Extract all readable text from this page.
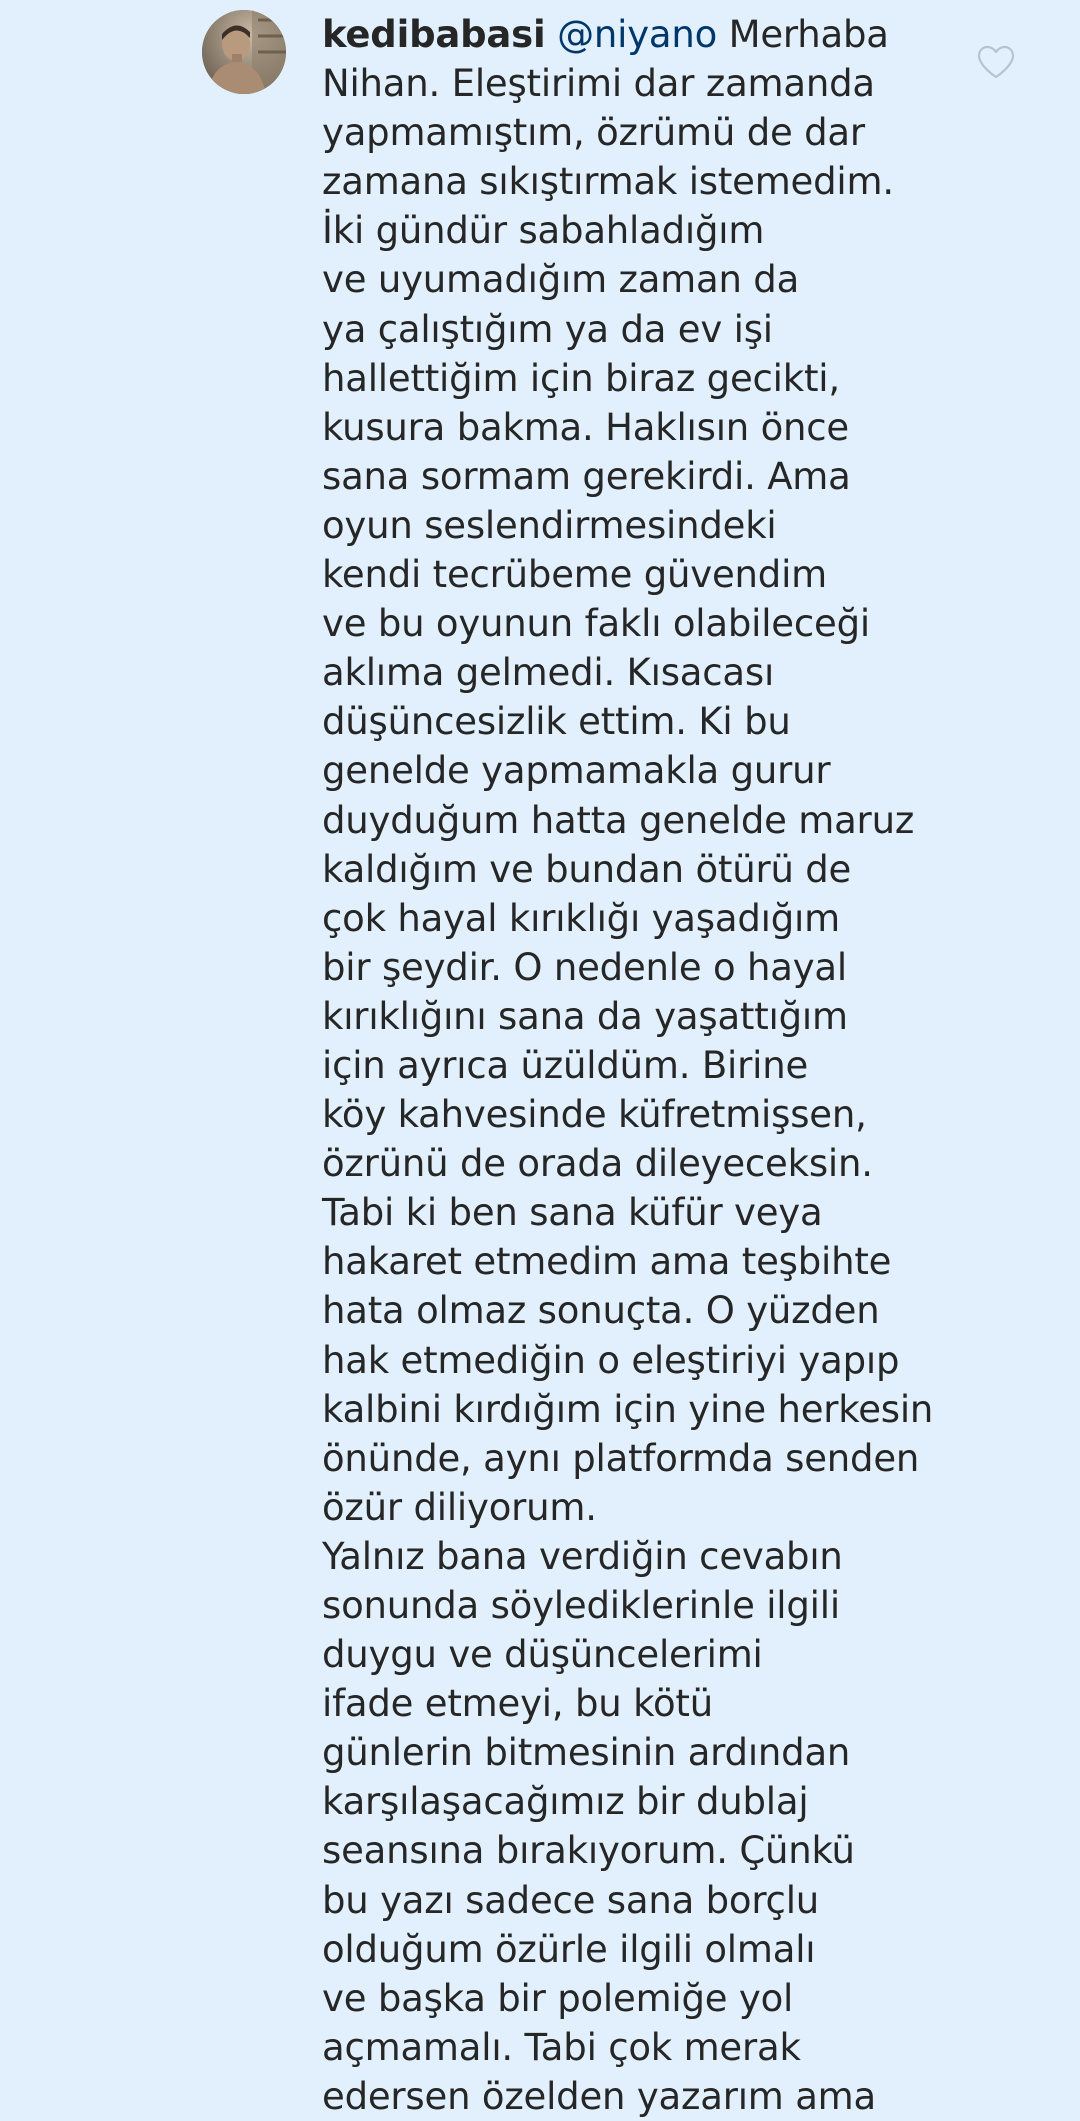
kedibabasi @niyano Merhaba
Nihan. Eleştirimi dar zamanda
yapmamıştım, özrümü de dar
zamana sıkıştırmak istemedim.
İki gündür sabahladığım
ve uyumadığım zaman da
ya çalıştığım ya da ev işi
hallettiğim için biraz gecikti,
kusura bakma. Haklısın önce
sana sormam gerekirdi. Ama
oyun seslendirmesindeki
kendi tecrübeme güvendim
ve bu oyunun faklı olabileceği
aklıma gelmedi. Kısacası
düşüncesizlik ettim. Ki bu
genelde yapmamakla gurur
duyduğum hatta genelde maruz
kaldığım ve bundan ötürü de
çok hayal kırıklığı yaşadığım
bir şeydir. O nedenle o hayal
kırıklığını sana da yaşattığım
için ayrıca üzüldüm. Birine
köy kahvesinde küfretmişsen,
özrünü de orada dileyeceksin.
Tabi ki ben sana küfür veya
hakaret etmedim ama teşbihte
hata olmaz sonuçta. O yüzden
hak etmediğin o eleştiriyi yapıp
kalbini kırdığım için yine herkesin
önünde, aynı platformda senden
özür diliyorum.
Yalnız bana verdiğin cevabın
sonunda söylediklerinle ilgili
duygu ve düşüncelerimi
ifade etmeyi, bu kötü
günlerin bitmesinin ardından
karşılaşacağımız bir dublaj
seansına bırakıyorum. Çünkü
bu yazı sadece sana borçlu
olduğum özürle ilgili olmalı
ve başka bir polemiğe yol
açmamalı. Tabi çok merak
edersen özelden yazarım ama
